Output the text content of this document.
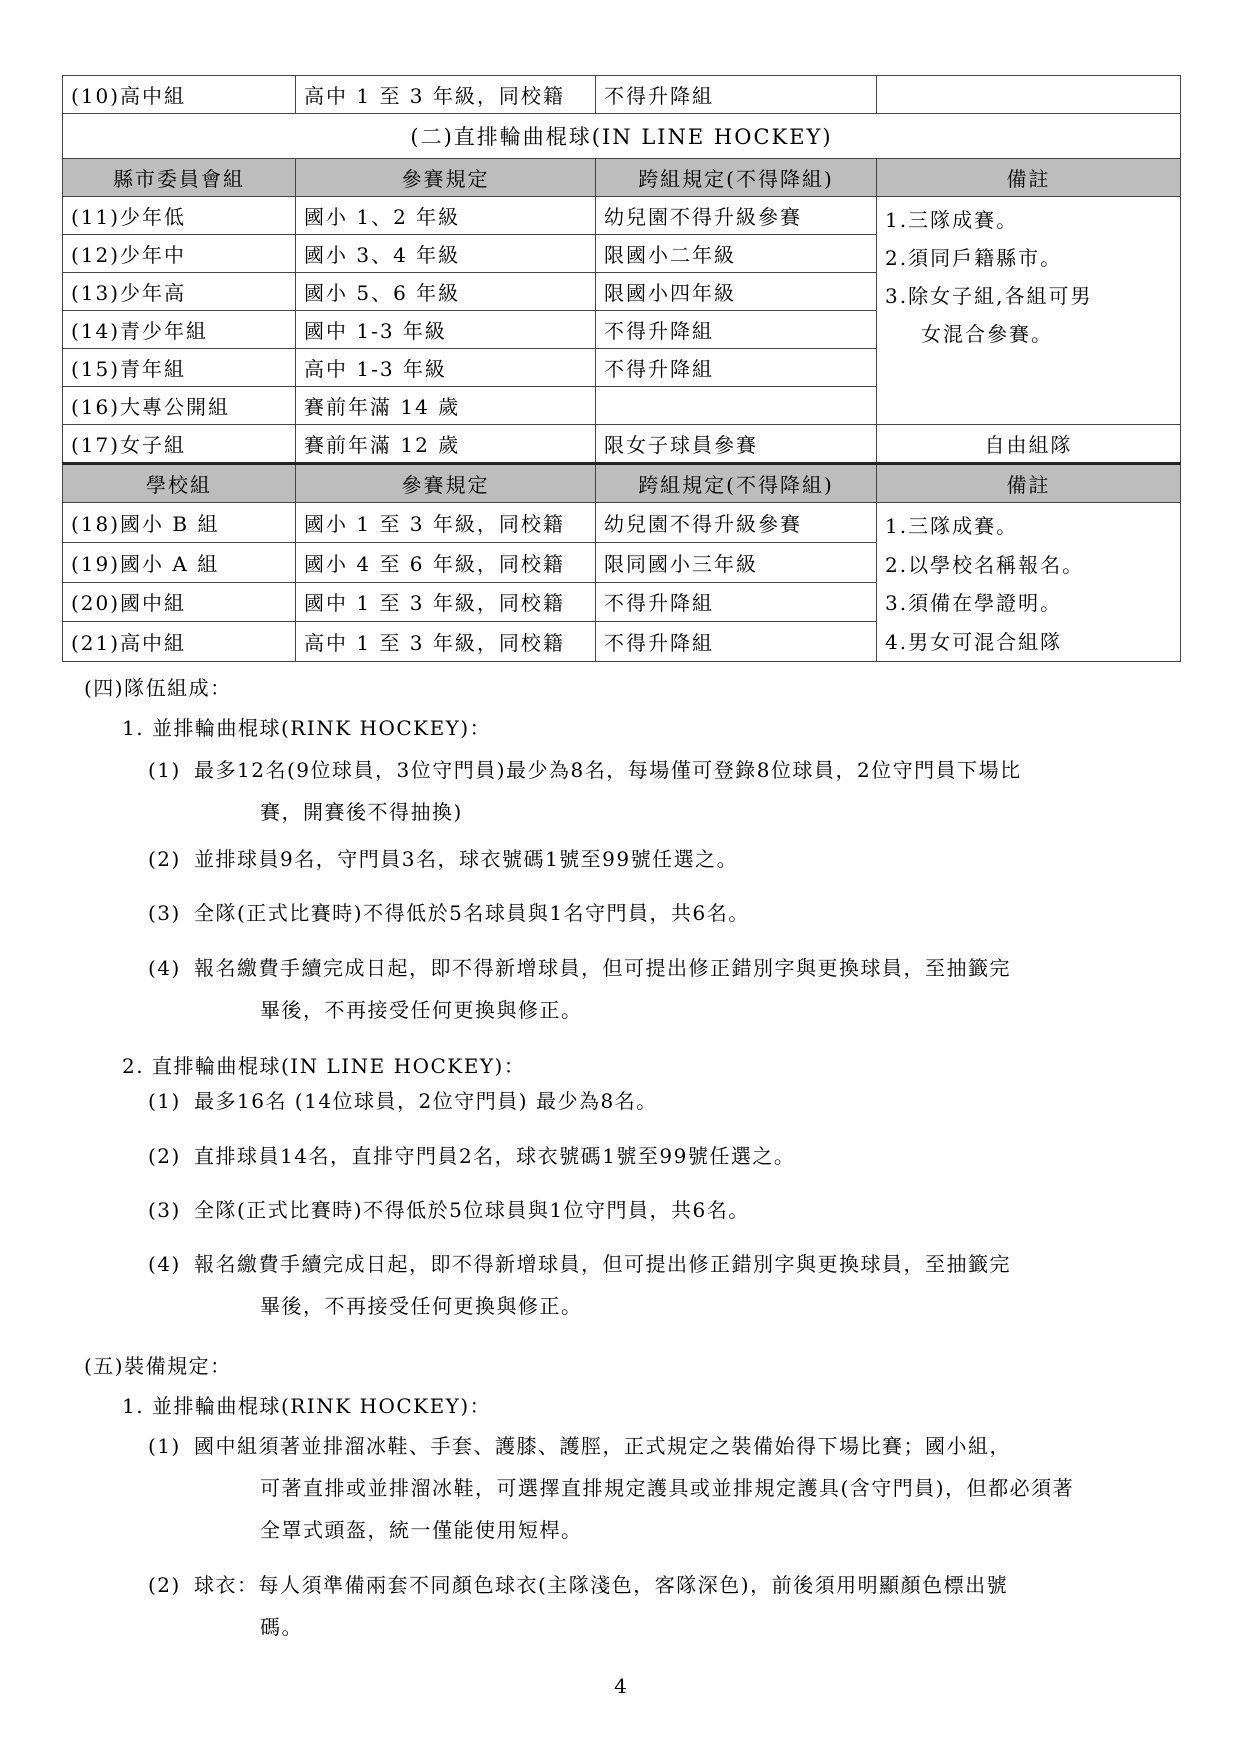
(10)高中組	高中 1 至 3 年級，同校籍	不得升降組	
(二)直排輪曲棍球(IN LINE HOCKEY)			
縣市委員會組	參賽規定	跨組規定(不得降組)	備註
(11)少年低	國小 1、2 年級	幼兒園不得升級參賽	1.三隊成賽。
2.須同戶籍縣市。
3.除女子組,各組可男
女混合參賽。

(12)少年中	國小 3、4 年級	限國小二年級	
(13)少年高	國小 5、6 年級	限國小四年級	
(14)青少年組	國中 1-3 年級	不得升降組	
(15)青年組	高中 1-3 年級	不得升降組	
(16)大專公開組	賽前年滿 14 歲		
(17)女子組	賽前年滿 12 歲	限女子球員參賽	自由組隊
學校組	參賽規定	跨組規定(不得降組)	備註
(18)國小 B 組	國小 1 至 3 年級，同校籍	幼兒園不得升級參賽	1.三隊成賽。
2.以學校名稱報名。
3.須備在學證明。
4.男女可混合組隊

(19)國小 A 組	國小 4 至 6 年級，同校籍	限同國小三年級	
(20)國中組	國中 1 至 3 年級，同校籍	不得升降組	
(21)高中組	高中 1 至 3 年級，同校籍	不得升降組	
(四)隊伍組成：
1. 並排輪曲棍球(RINK HOCKEY)：
(1) 最多12名(9位球員，3位守門員)最少為8名，每場僅可登錄8位球員，2位守門員下場比
賽，開賽後不得抽換)
(2) 並排球員9名，守門員3名，球衣號碼1號至99號任選之。
(3) 全隊(正式比賽時)不得低於5名球員與1名守門員，共6名。
(4) 報名繳費手續完成日起，即不得新增球員，但可提出修正錯別字與更換球員，至抽籤完
畢後，不再接受任何更換與修正。
2. 直排輪曲棍球(IN LINE HOCKEY)：
(1) 最多16名 (14位球員，2位守門員) 最少為8名。
(2) 直排球員14名，直排守門員2名，球衣號碼1號至99號任選之。
(3) 全隊(正式比賽時)不得低於5位球員與1位守門員，共6名。
(4) 報名繳費手續完成日起，即不得新增球員，但可提出修正錯別字與更換球員，至抽籤完
畢後，不再接受任何更換與修正。
(五)裝備規定：
1. 並排輪曲棍球(RINK HOCKEY)：
(1) 國中組須著並排溜冰鞋、手套、護膝、護脛，正式規定之裝備始得下場比賽；國小組，
可著直排或並排溜冰鞋，可選擇直排規定護具或並排規定護具(含守門員)，但都必須著
全罩式頭盔，統一僅能使用短桿。
(2) 球衣：每人須準備兩套不同顏色球衣(主隊淺色，客隊深色)，前後須用明顯顏色標出號
碼。
4
